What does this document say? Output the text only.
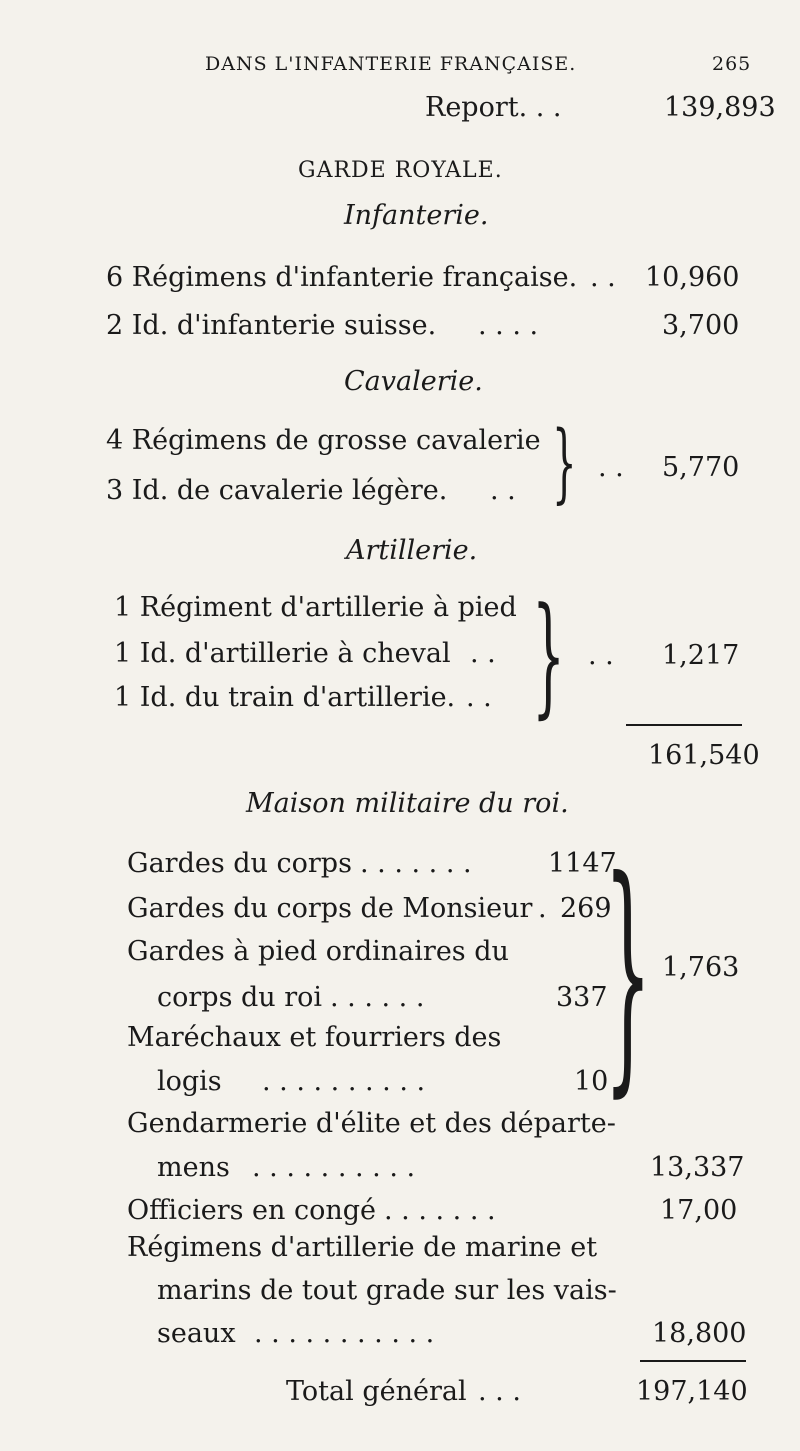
DANS L'INFANTERIE FRANÇAISE.	265
Report. . .	139,893
GARDE ROYALE.
Infanterie.
6 Régimens d'infanterie française. . . 10,960
2 Id. d'infanterie suisse. . . . .	3,700
Cavalerie.
4 Régimens de grosse cavalerie
3 Id. de cavalerie légère. . . } . . 5,770
Artillerie.
1 Régiment d'artillerie à pied
1 Id. d'artillerie à cheval . .
1 Id. du train d'artillerie. . . } . . 1,217
161,540
Maison militaire du roi.
Gardes du corps . . . . . . .	1147
Gardes du corps de Monsieur . 269
Gardes à pied ordinaires du
corps du roi . . . . . .	337
Maréchaux et fourriers des
logis . . . . . . . . . .	10
} 1,763
Gendarmerie d'élite et des départe-
mens . . . . . . . . . .	13,337
Officiers en congé . . . . . . .	17,00
Régimens d'artillerie de marine et
marins de tout grade sur les vais-
seaux . . . . . . . . . . .	18,800
Total général . . .	197,140
